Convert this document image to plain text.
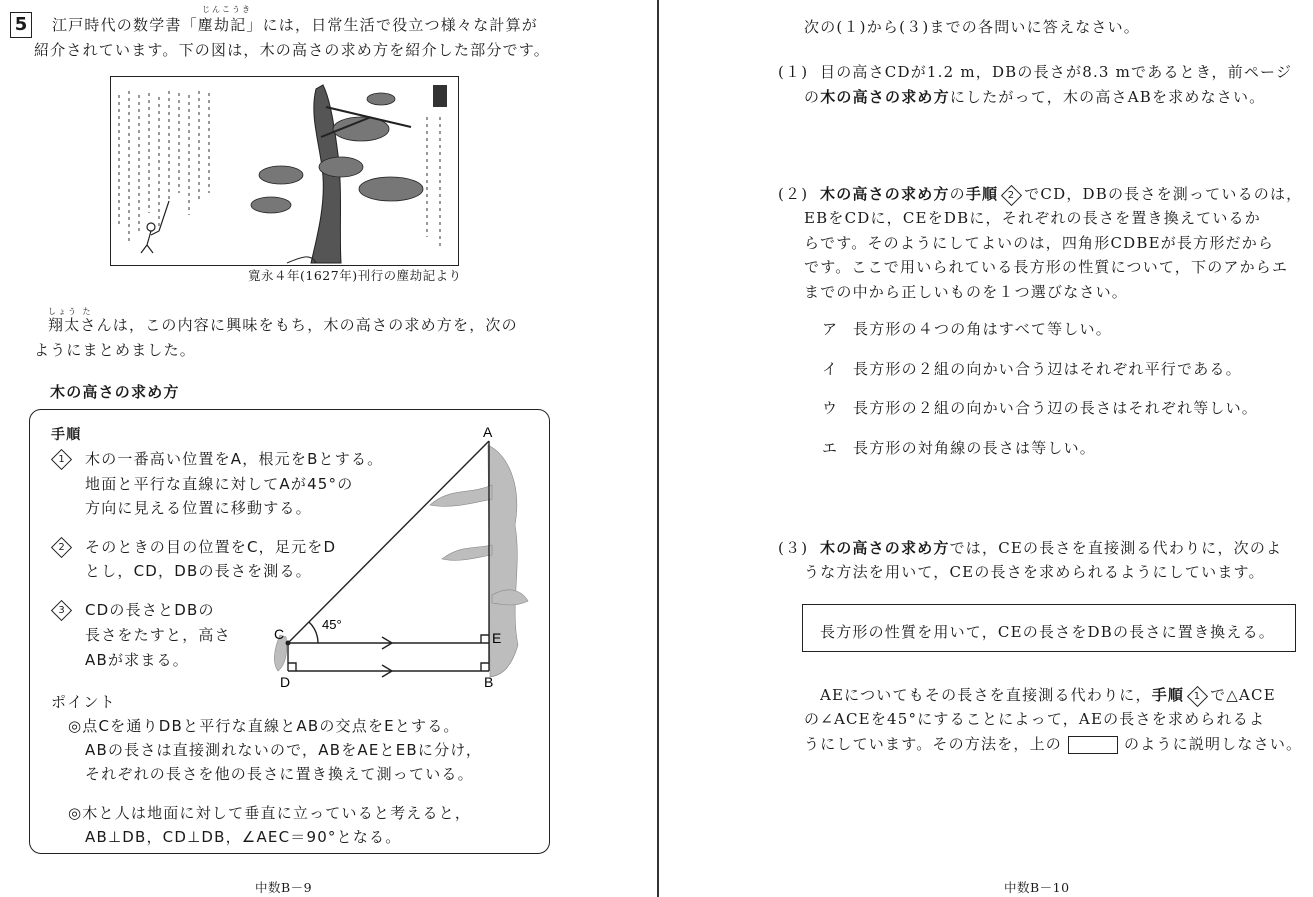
5
じんこうき
江戸時代の数学書「塵劫記」には，日常生活で役立つ様々な計算が
紹介されています。下の図は，木の高さの求め方を紹介した部分です。
寛永４年(1627年)刊行の塵劫記より
しょう た
翔太さんは，この内容に興味をもち，木の高さの求め方を，次の
ようにまとめました。
木の高さの求め方
手順
1 木の一番高い位置をA，根元をBとする。
地面と平行な直線に対してAが45°の
方向に見える位置に移動する。
2 そのときの目の位置をC，足元をD
とし，CD，DBの長さを測る。
3 CDの長さとDBの
長さをたすと，高さ
ABが求まる。
A
B
C
D
E
45°
ポイント
◎点Cを通りDBと平行な直線とABの交点をEとする。
ABの長さは直接測れないので，ABをAEとEBに分け，
それぞれの長さを他の長さに置き換えて測っている。
◎木と人は地面に対して垂直に立っていると考えると，
AB⊥DB，CD⊥DB，∠AEC＝90°となる。
中数B－9
次の(１)から(３)までの各問いに答えなさい。
(１) 目の高さCDが1.2 m，DBの長さが8.3 mであるとき，前ページ
の木の高さの求め方にしたがって，木の高さABを求めなさい。
(２) 木の高さの求め方の手順 2 でCD，DBの長さを測っているのは，
EBをCDに，CEをDBに，それぞれの長さを置き換えているか
らです。そのようにしてよいのは，四角形CDBEが長方形だから
です。ここで用いられている長方形の性質について，下のアからエ
までの中から正しいものを１つ選びなさい。
ア 長方形の４つの角はすべて等しい。
イ 長方形の２組の向かい合う辺はそれぞれ平行である。
ウ 長方形の２組の向かい合う辺の長さはそれぞれ等しい。
エ 長方形の対角線の長さは等しい。
(３) 木の高さの求め方では，CEの長さを直接測る代わりに，次のよ
うな方法を用いて，CEの長さを求められるようにしています。
長方形の性質を用いて，CEの長さをDBの長さに置き換える。
AEについてもその長さを直接測る代わりに，手順 1 で△ACE
の∠ACEを45°にすることによって，AEの長さを求められるよ
うにしています。その方法を，上の	のように説明しなさい。
中数B－10
